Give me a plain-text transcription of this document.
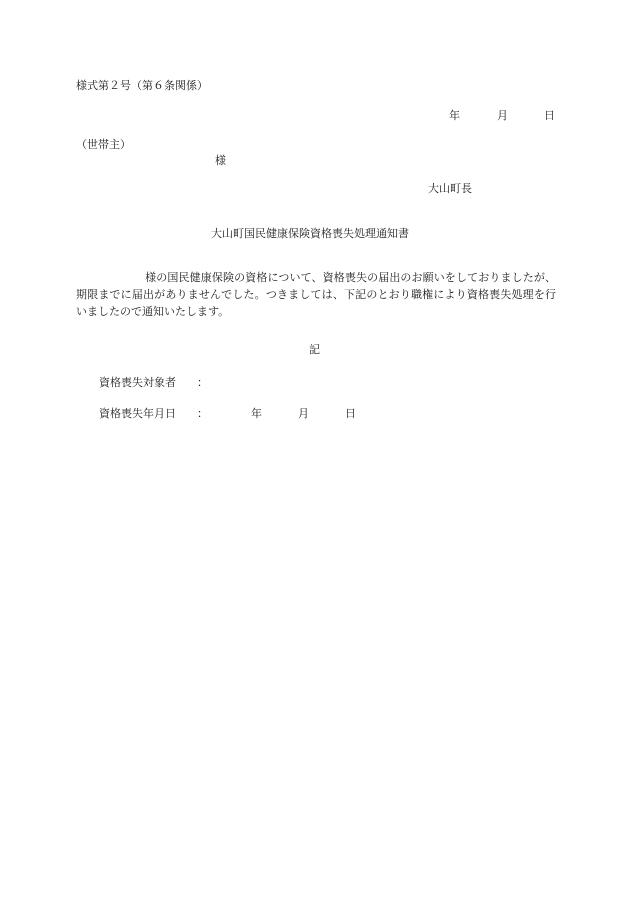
様式第２号（第６条関係）
年	月	日
（世帯主）
様
大山町長
大山町国民健康保険資格喪失処理通知書
様の国民健康保険の資格について、資格喪失の届出のお願いをしておりましたが、期限までに届出がありませんでした。つきましては、下記のとおり職権により資格喪失処理を行いましたので通知いたします。
記
資格喪失対象者 ：
資格喪失年月日 ：	年	月	日
